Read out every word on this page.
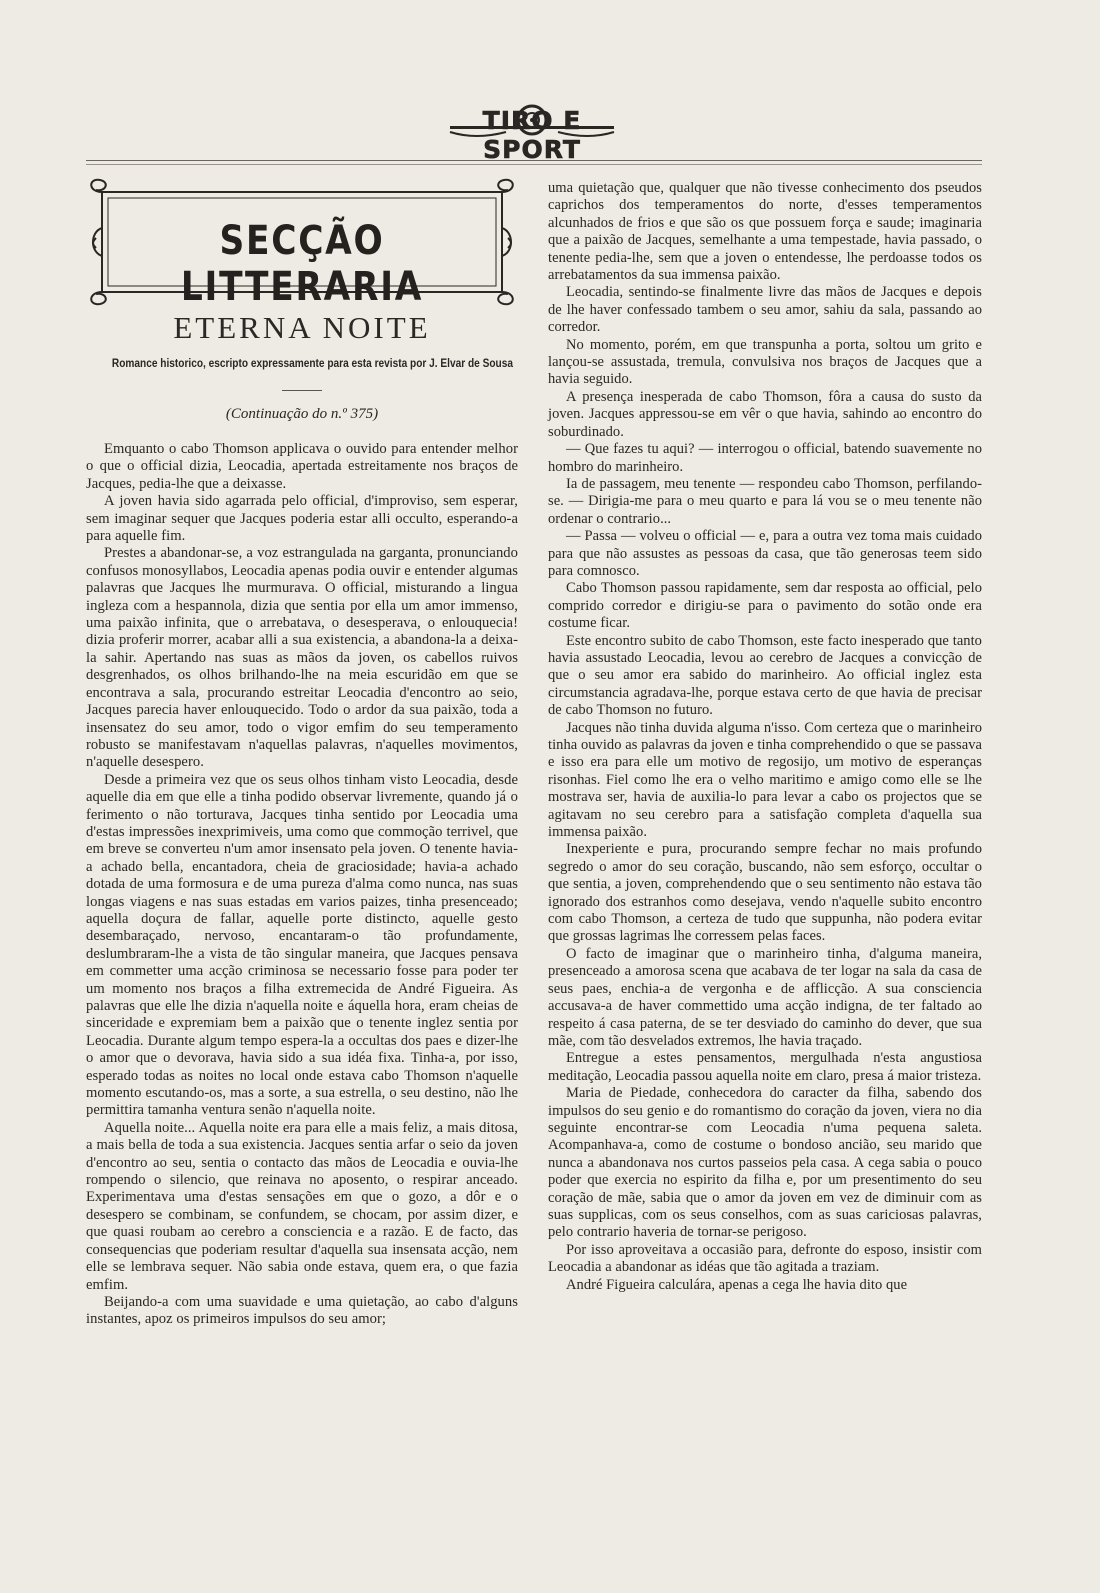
TIRO E SPORT
SECÇÃO LITTERARIA
ETERNA NOITE
Romance historico, escripto expressamente para esta revista por J. Elvar de Sousa
(Continuação do n.º 375)

Emquanto o cabo Thomson applicava o ouvido para entender melhor o que o official dizia, Leocadia, apertada estreitamente nos braços de Jacques, pedia-lhe que a deixasse.

A joven havia sido agarrada pelo official, d'improviso, sem esperar, sem imaginar sequer que Jacques poderia estar alli occulto, esperando-a para aquelle fim.

Prestes a abandonar-se, a voz estrangulada na garganta, pronunciando confusos monosyllabos, Leocadia apenas podia ouvir e entender algumas palavras que Jacques lhe murmurava. O official, misturando a lingua ingleza com a hespannola, dizia que sentia por ella um amor immenso, uma paixão infinita, que o arrebatava, o desesperava, o enlouquecia! dizia proferir morrer, acabar alli a sua existencia, a abandona-la a deixa-la sahir. Apertando nas suas as mãos da joven, os cabellos ruivos desgrenhados, os olhos brilhando-lhe na meia escuridão em que se encontrava a sala, procurando estreitar Leocadia d'encontro ao seio, Jacques parecia haver enlouquecido. Todo o ardor da sua paixão, toda a insensatez do seu amor, todo o vigor emfim do seu temperamento robusto se manifestavam n'aquellas palavras, n'aquelles movimentos, n'aquelle desespero.

Desde a primeira vez que os seus olhos tinham visto Leocadia, desde aquelle dia em que elle a tinha podido observar livremente, quando já o ferimento o não torturava, Jacques tinha sentido por Leocadia uma d'estas impressões inexprimiveis, uma como que commoção terrivel, que em breve se converteu n'um amor insensato pela joven. O tenente havia-a achado bella, encantadora, cheia de graciosidade; havia-a achado dotada de uma formosura e de uma pureza d'alma como nunca, nas suas longas viagens e nas suas estadas em varios paizes, tinha presenceado; aquella doçura de fallar, aquelle porte distincto, aquelle gesto desembaraçado, nervoso, encantaram-o tão profundamente, deslumbraram-lhe a vista de tão singular maneira, que Jacques pensava em commetter uma acção criminosa se necessario fosse para poder ter um momento nos braços a filha extremecida de André Figueira. As palavras que elle lhe dizia n'aquella noite e áquella hora, eram cheias de sinceridade e expremiam bem a paixão que o tenente inglez sentia por Leocadia. Durante algum tempo espera-la a occultas dos paes e dizer-lhe o amor que o devorava, havia sido a sua idéa fixa. Tinha-a, por isso, esperado todas as noites no local onde estava cabo Thomson n'aquelle momento escutando-os, mas a sorte, a sua estrella, o seu destino, não lhe permittira tamanha ventura senão n'aquella noite.

Aquella noite... Aquella noite era para elle a mais feliz, a mais ditosa, a mais bella de toda a sua existencia. Jacques sentia arfar o seio da joven d'encontro ao seu, sentia o contacto das mãos de Leocadia e ouvia-lhe rompendo o silencio, que reinava no aposento, o respirar anceado. Experimentava uma d'estas sensações em que o gozo, a dôr e o desespero se combinam, se confundem, se chocam, por assim dizer, e que quasi roubam ao cerebro a consciencia e a razão. E de facto, das consequencias que poderiam resultar d'aquella sua insensata acção, nem elle se lembrava sequer. Não sabia onde estava, quem era, o que fazia emfim.

Beijando-a com uma suavidade e uma quietação, ao cabo d'alguns instantes, apoz os primeiros impulsos do seu amor;

uma quietação que, qualquer que não tivesse conhecimento dos pseudos caprichos dos temperamentos do norte, d'esses temperamentos alcunhados de frios e que são os que possuem força e saude; imaginaria que a paixão de Jacques, semelhante a uma tempestade, havia passado, o tenente pedia-lhe, sem que a joven o entendesse, lhe perdoasse todos os arrebatamentos da sua immensa paixão.

Leocadia, sentindo-se finalmente livre das mãos de Jacques e depois de lhe haver confessado tambem o seu amor, sahiu da sala, passando ao corredor.

No momento, porém, em que transpunha a porta, soltou um grito e lançou-se assustada, tremula, convulsiva nos braços de Jacques que a havia seguido.

A presença inesperada de cabo Thomson, fôra a causa do susto da joven. Jacques appressou-se em vêr o que havia, sahindo ao encontro do soburdinado.

— Que fazes tu aqui? — interrogou o official, batendo suavemente no hombro do marinheiro.

Ia de passagem, meu tenente — respondeu cabo Thomson, perfilando-se. — Dirigia-me para o meu quarto e para lá vou se o meu tenente não ordenar o contrario...

— Passa — volveu o official — e, para a outra vez toma mais cuidado para que não assustes as pessoas da casa, que tão generosas teem sido para comnosco.

Cabo Thomson passou rapidamente, sem dar resposta ao official, pelo comprido corredor e dirigiu-se para o pavimento do sotão onde era costume ficar.

Este encontro subito de cabo Thomson, este facto inesperado que tanto havia assustado Leocadia, levou ao cerebro de Jacques a convicção de que o seu amor era sabido do marinheiro. Ao official inglez esta circumstancia agradava-lhe, porque estava certo de que havia de precisar de cabo Thomson no futuro.

Jacques não tinha duvida alguma n'isso. Com certeza que o marinheiro tinha ouvido as palavras da joven e tinha comprehendido o que se passava e isso era para elle um motivo de regosijo, um motivo de esperanças risonhas. Fiel como lhe era o velho maritimo e amigo como elle se lhe mostrava ser, havia de auxilia-lo para levar a cabo os projectos que se agitavam no seu cerebro para a satisfação completa d'aquella sua immensa paixão.

Inexperiente e pura, procurando sempre fechar no mais profundo segredo o amor do seu coração, buscando, não sem esforço, occultar o que sentia, a joven, comprehendendo que o seu sentimento não estava tão ignorado dos estranhos como desejava, vendo n'aquelle subito encontro com cabo Thomson, a certeza de tudo que suppunha, não podera evitar que grossas lagrimas lhe corressem pelas faces.

O facto de imaginar que o marinheiro tinha, d'alguma maneira, presenceado a amorosa scena que acabava de ter logar na sala da casa de seus paes, enchia-a de vergonha e de afflicção. A sua consciencia accusava-a de haver commettido uma acção indigna, de ter faltado ao respeito á casa paterna, de se ter desviado do caminho do dever, que sua mãe, com tão desvelados extremos, lhe havia traçado.

Entregue a estes pensamentos, mergulhada n'esta angustiosa meditação, Leocadia passou aquella noite em claro, presa á maior tristeza.

Maria de Piedade, conhecedora do caracter da filha, sabendo dos impulsos do seu genio e do romantismo do coração da joven, viera no dia seguinte encontrar-se com Leocadia n'uma pequena saleta. Acompanhava-a, como de costume o bondoso ancião, seu marido que nunca a abandonava nos curtos passeios pela casa. A cega sabia o pouco poder que exercia no espirito da filha e, por um presentimento do seu coração de mãe, sabia que o amor da joven em vez de diminuir com as suas supplicas, com os seus conselhos, com as suas cariciosas palavras, pelo contrario haveria de tornar-se perigoso.

Por isso aproveitava a occasião para, defronte do esposo, insistir com Leocadia a abandonar as idéas que tão agitada a traziam.

André Figueira calculára, apenas a cega lhe havia dito que
